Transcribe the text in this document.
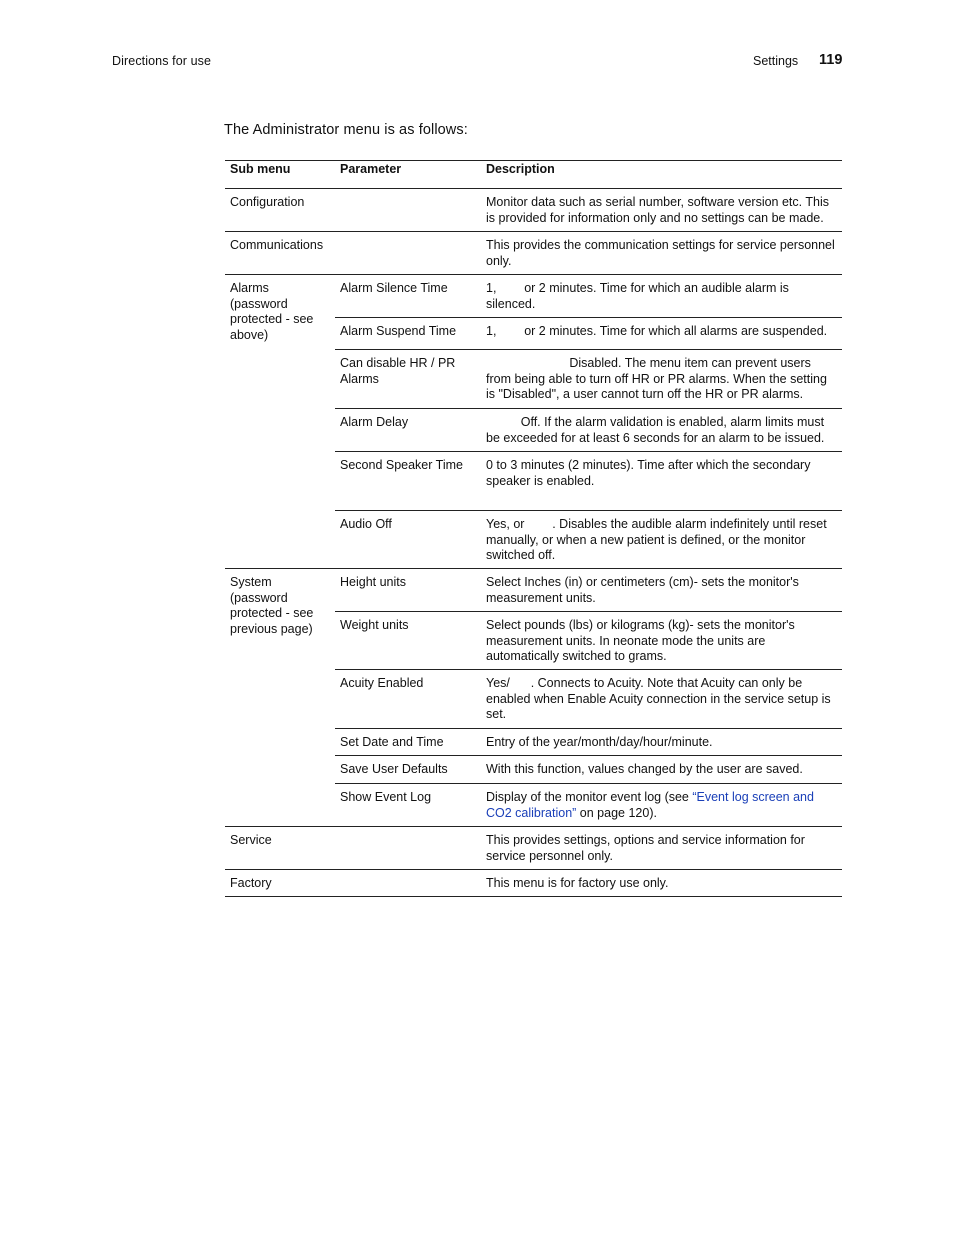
Directions for use	Settings 119
The Administrator menu is as follows:
Sub menu	Parameter	Description
Configuration		Monitor data such as serial number, software version etc. This is provided for information only and no settings can be made.
Communications		This provides the communication settings for service personnel only.
Alarms (password protected - see above)	Alarm Silence Time	1,        or 2 minutes. Time for which an audible alarm is silenced.
	Alarm Suspend Time	1,        or 2 minutes. Time for which all alarms are suspended.
	Can disable HR / PR Alarms	Disabled. The menu item can prevent users from being able to turn off HR or PR alarms. When the setting is "Disabled", a user cannot turn off the HR or PR alarms.
	Alarm Delay	Off. If the alarm validation is enabled, alarm limits must be exceeded for at least 6 seconds for an alarm to be issued.
	Second Speaker Time	0 to 3 minutes (2 minutes). Time after which the secondary speaker is enabled.
	Audio Off	Yes, or        . Disables the audible alarm indefinitely until reset manually, or when a new patient is defined, or the monitor switched off.
System (password protected - see previous page)	Height units	Select Inches (in) or centimeters (cm)- sets the monitor's measurement units.
	Weight units	Select pounds (lbs) or kilograms (kg)- sets the monitor's measurement units. In neonate mode the units are automatically switched to grams.
	Acuity Enabled	Yes/      . Connects to Acuity. Note that Acuity can only be enabled when Enable Acuity connection in the service setup is set.
	Set Date and Time	Entry of the year/month/day/hour/minute.
	Save User Defaults	With this function, values changed by the user are saved.
	Show Event Log	Display of the monitor event log (see “Event log screen and CO2 calibration” on page 120).
Service		This provides settings, options and service information for service personnel only.
Factory		This menu is for factory use only.
